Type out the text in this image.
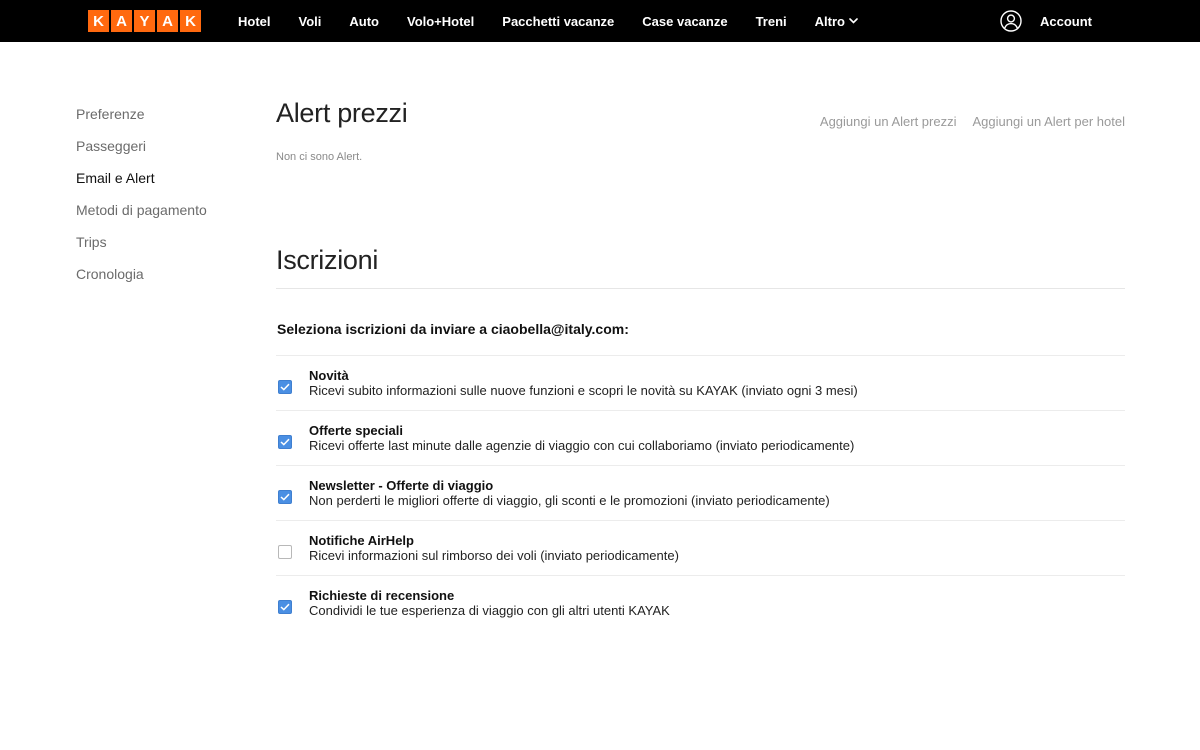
K A Y A K	Hotel Voli Auto Volo+Hotel Pacchetti vacanze Case vacanze Treni Altro	Account
Preferenze
Passeggeri
Email e Alert
Metodi di pagamento
Trips
Cronologia
Alert prezzi	Aggiungi un Alert prezzi Aggiungi un Alert per hotel

Non ci sono Alert.

Iscrizioni

Seleziona iscrizioni da inviare a ciaobella@italy.com:

Novità
Ricevi subito informazioni sulle nuove funzioni e scopri le novità su KAYAK (inviato ogni 3 mesi)
Offerte speciali
Ricevi offerte last minute dalle agenzie di viaggio con cui collaboriamo (inviato periodicamente)
Newsletter - Offerte di viaggio
Non perderti le migliori offerte di viaggio, gli sconti e le promozioni (inviato periodicamente)
Notifiche AirHelp
Ricevi informazioni sul rimborso dei voli (inviato periodicamente)
Richieste di recensione
Condividi le tue esperienza di viaggio con gli altri utenti KAYAK
